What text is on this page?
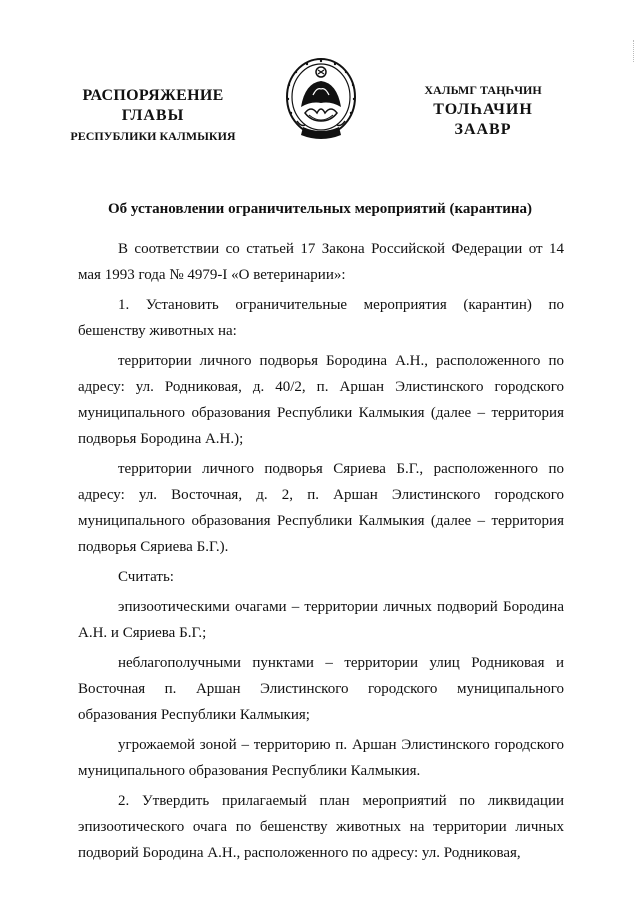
РАСПОРЯЖЕНИЕ
ГЛАВЫ
РЕСПУБЛИКИ КАЛМЫКИЯ
ХАЛЬМГ ТАҢҺЧИН
ТОЛҺАЧИН
ЗААВР
Об установлении ограничительных мероприятий (карантина)

В соответствии со статьей 17 Закона Российской Федерации от 14 мая 1993 года № 4979-I «О ветеринарии»:

1. Установить ограничительные мероприятия (карантин) по бешенству животных на:

территории личного подворья Бородина А.Н., расположенного по адресу: ул. Родниковая, д. 40/2, п. Аршан Элистинского городского муниципального образования Республики Калмыкия (далее – территория подворья Бородина А.Н.);

территории личного подворья Сяриева Б.Г., расположенного по адресу: ул. Восточная, д. 2, п. Аршан Элистинского городского муниципального образования Республики Калмыкия (далее – территория подворья Сяриева Б.Г.).

Считать:

эпизоотическими очагами – территории личных подворий Бородина А.Н. и Сяриева Б.Г.;

неблагополучными пунктами – территории улиц Родниковая и Восточная п. Аршан Элистинского городского муниципального образования Республики Калмыкия;

угрожаемой зоной – территорию п. Аршан Элистинского городского муниципального образования Республики Калмыкия.

2. Утвердить прилагаемый план мероприятий по ликвидации эпизоотического очага по бешенству животных на территории личных подворий Бородина А.Н., расположенного по адресу: ул. Родниковая,
